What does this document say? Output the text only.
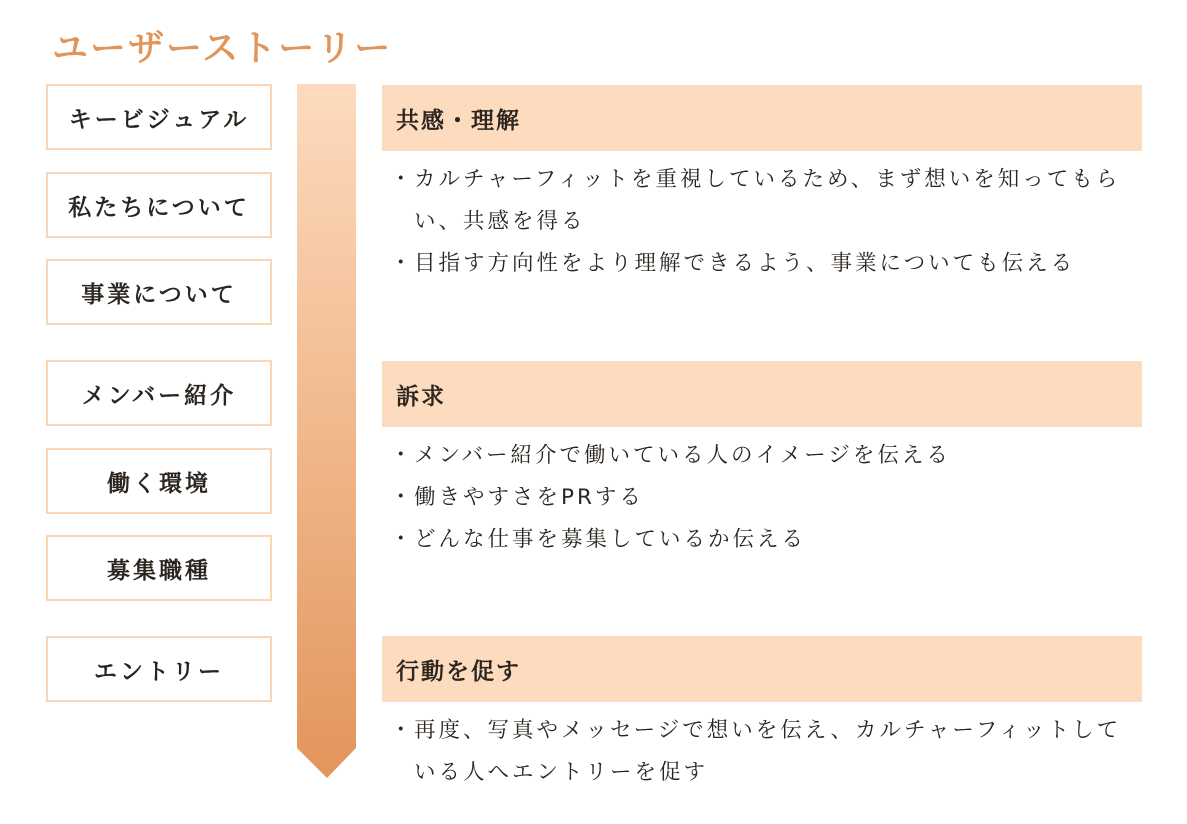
ユーザーストーリー
キービジュアル
私たちについて
事業について
メンバー紹介
働く環境
募集職種
エントリー
共感・理解
・ カルチャーフィットを重視しているため、まず想いを知ってもらい、共感を得る
・ 目指す方向性をより理解できるよう、事業についても伝える
訴求
・ メンバー紹介で働いている人のイメージを伝える
・ 働きやすさをPRする
・ どんな仕事を募集しているか伝える
行動を促す
・ 再度、写真やメッセージで想いを伝え、カルチャーフィットしている人へエントリーを促す
